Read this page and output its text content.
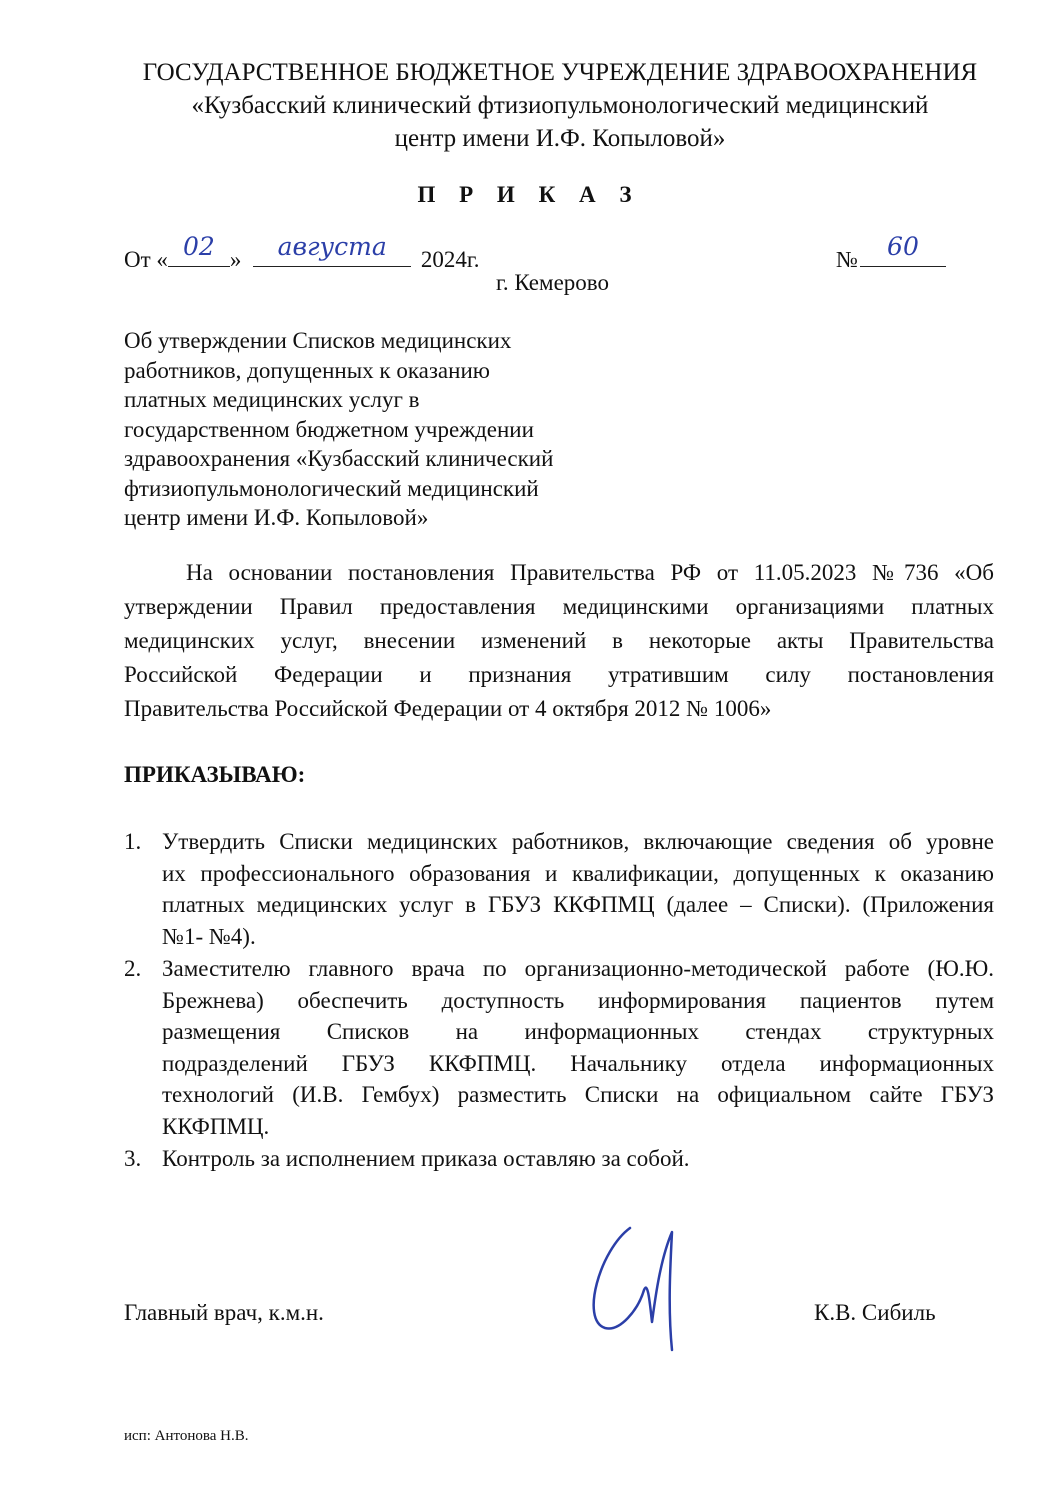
ГОСУДАРСТВЕННОЕ БЮДЖЕТНОЕ УЧРЕЖДЕНИЕ ЗДРАВООХРАНЕНИЯ
«Кузбасский клинический фтизиопульмонологический медицинский
центр имени И.Ф. Копыловой»
П Р И К А З
От « 02 »	августа	2024г.	№	60
г. Кемерово
Об утверждении Списков медицинских
работников, допущенных к оказанию
платных медицинских услуг в
государственном бюджетном учреждении
здравоохранения «Кузбасский клинический
фтизиопульмонологический медицинский
центр имени И.Ф. Копыловой»
На основании постановления Правительства РФ от 11.05.2023 №736 «Об
утверждении Правил предоставления медицинскими организациями платных
медицинских услуг, внесении изменений в некоторые акты Правительства
Российской Федерации и признания утратившим силу постановления
Правительства Российской Федерации от 4 октября 2012 № 1006»
ПРИКАЗЫВАЮ:
1. Утвердить Списки медицинских работников, включающие сведения об уровне
их профессионального образования и квалификации, допущенных к оказанию
платных медицинских услуг в ГБУЗ ККФПМЦ (далее – Списки). (Приложения
№1- №4).
2. Заместителю главного врача по организационно-методической работе (Ю.Ю.
Брежнева) обеспечить доступность информирования пациентов путем
размещения Списков на информационных стендах структурных
подразделений ГБУЗ ККФПМЦ. Начальнику отдела информационных
технологий (И.В. Гембух) разместить Списки на официальном сайте ГБУЗ
ККФПМЦ.
3. Контроль за исполнением приказа оставляю за собой.
Главный врач, к.м.н.	К.В. Сибиль
исп: Антонова Н.В.
